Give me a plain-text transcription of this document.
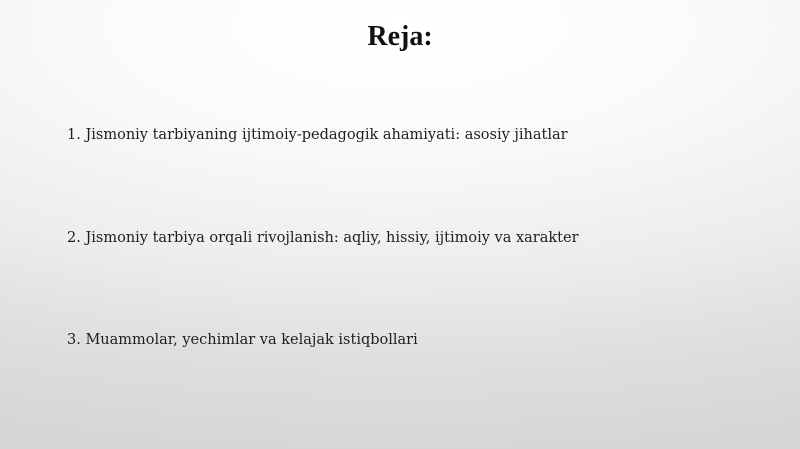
Reja:
1. Jismoniy tarbiyaning ijtimoiy-pedagogik ahamiyati: asosiy jihatlar
2. Jismoniy tarbiya orqali rivojlanish: aqliy, hissiy, ijtimoiy va xarakter
3. Muammolar, yechimlar va kelajak istiqbollari
